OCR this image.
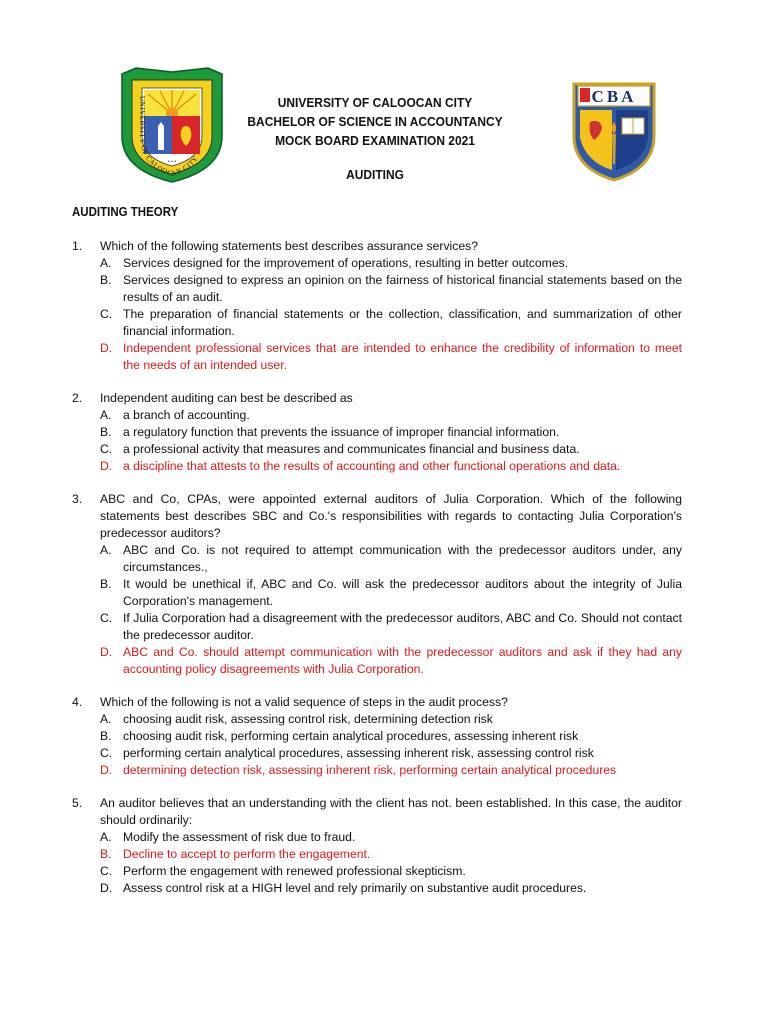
• • •
UNIVERSITY OF CALOOCAN CITY
UNIVERSITY OF CALOOCAN CITY
BACHELOR OF SCIENCE IN ACCOUNTANCY
MOCK BOARD EXAMINATION 2021
AUDITING
CBA
AUDITING THEORY
1. Which of the following statements best describes assurance services?
A. Services designed for the improvement of operations, resulting in better outcomes.
B. Services designed to express an opinion on the fairness of historical financial statements based on the results of an audit.
C. The preparation of financial statements or the collection, classification, and summarization of other financial information.
D. Independent professional services that are intended to enhance the credibility of information to meet the needs of an intended user.
2. Independent auditing can best be described as
A. a branch of accounting.
B. a regulatory function that prevents the issuance of improper financial information.
C. a professional activity that measures and communicates financial and business data.
D. a discipline that attests to the results of accounting and other functional operations and data.
3. ABC and Co, CPAs, were appointed external auditors of Julia Corporation. Which of the following statements best describes SBC and Co.'s responsibilities with regards to contacting Julia Corporation's predecessor auditors?
A. ABC and Co. is not required to attempt communication with the predecessor auditors under, any circumstances.,
B. It would be unethical if, ABC and Co. will ask the predecessor auditors about the integrity of Julia Corporation's management.
C. If Julia Corporation had a disagreement with the predecessor auditors, ABC and Co. Should not contact the predecessor auditor.
D. ABC and Co. should attempt communication with the predecessor auditors and ask if they had any accounting policy disagreements with Julia Corporation.
4. Which of the following is not a valid sequence of steps in the audit process?
A. choosing audit risk, assessing control risk, determining detection risk
B. choosing audit risk, performing certain analytical procedures, assessing inherent risk
C. performing certain analytical procedures, assessing inherent risk, assessing control risk
D. determining detection risk, assessing inherent risk, performing certain analytical procedures
5. An auditor believes that an understanding with the client has not. been established. In this case, the auditor should ordinarily:
A. Modify the assessment of risk due to fraud.
B. Decline to accept to perform the engagement.
C. Perform the engagement with renewed professional skepticism.
D. Assess control risk at a HIGH level and rely primarily on substantive audit procedures.
